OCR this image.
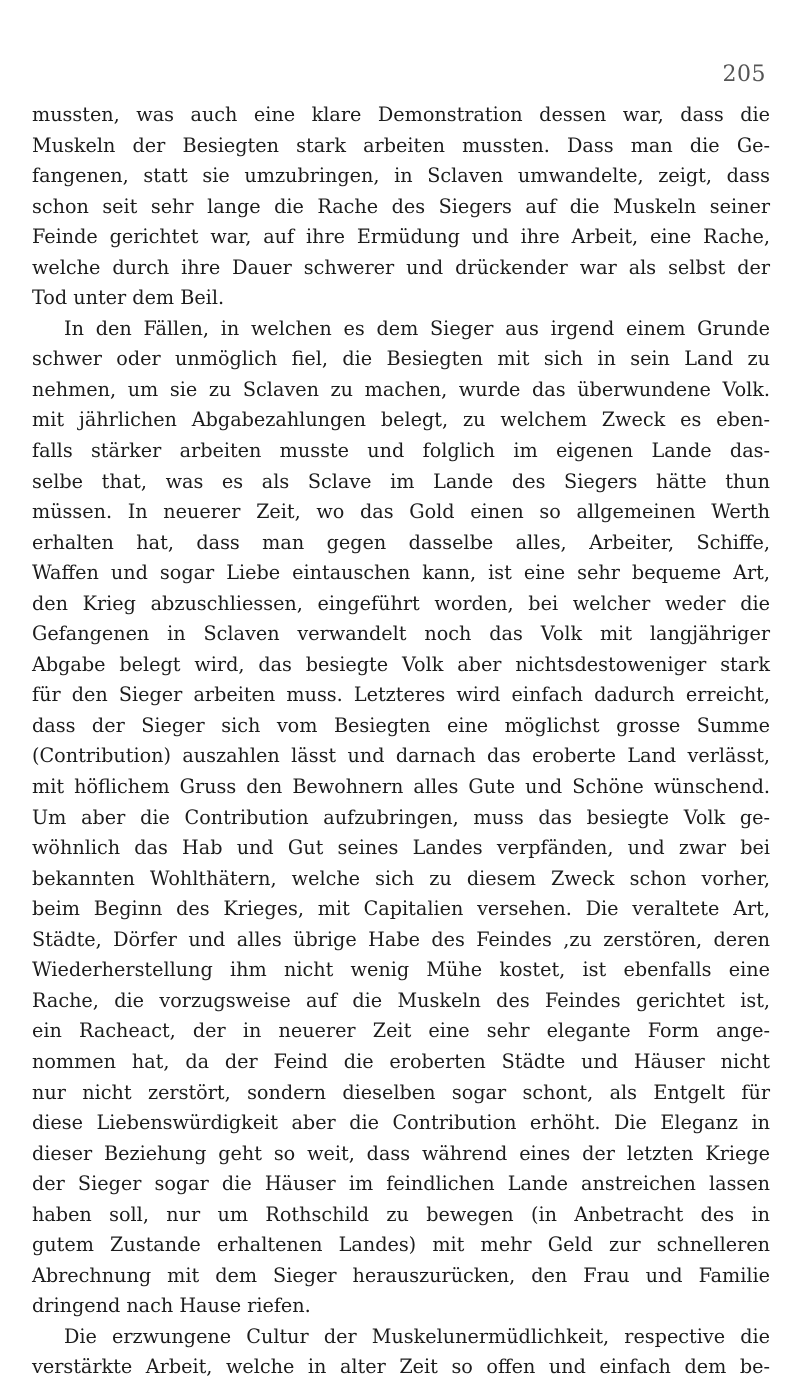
205
mussten, was auch eine klare Demonstration dessen war, dass die
Muskeln der Besiegten stark arbeiten mussten. Dass man die Ge-
fangenen, statt sie umzubringen, in Sclaven umwandelte, zeigt, dass
schon seit sehr lange die Rache des Siegers auf die Muskeln seiner
Feinde gerichtet war, auf ihre Ermüdung und ihre Arbeit, eine Rache,
welche durch ihre Dauer schwerer und drückender war als selbst der
Tod unter dem Beil.
In den Fällen, in welchen es dem Sieger aus irgend einem Grunde
schwer oder unmöglich fiel, die Besiegten mit sich in sein Land zu
nehmen, um sie zu Sclaven zu machen, wurde das überwundene Volk.
mit jährlichen Abgabezahlungen belegt, zu welchem Zweck es eben-
falls stärker arbeiten musste und folglich im eigenen Lande das-
selbe that, was es als Sclave im Lande des Siegers hätte thun
müssen. In neuerer Zeit, wo das Gold einen so allgemeinen Werth
erhalten hat, dass man gegen dasselbe alles, Arbeiter, Schiffe,
Waffen und sogar Liebe eintauschen kann, ist eine sehr bequeme Art,
den Krieg abzuschliessen, eingeführt worden, bei welcher weder die
Gefangenen in Sclaven verwandelt noch das Volk mit langjähriger
Abgabe belegt wird, das besiegte Volk aber nichtsdestoweniger stark
für den Sieger arbeiten muss. Letzteres wird einfach dadurch erreicht,
dass der Sieger sich vom Besiegten eine möglichst grosse Summe
(Contribution) auszahlen lässt und darnach das eroberte Land verlässt,
mit höflichem Gruss den Bewohnern alles Gute und Schöne wünschend.
Um aber die Contribution aufzubringen, muss das besiegte Volk ge-
wöhnlich das Hab und Gut seines Landes verpfänden, und zwar bei
bekannten Wohlthätern, welche sich zu diesem Zweck schon vorher,
beim Beginn des Krieges, mit Capitalien versehen. Die veraltete Art,
Städte, Dörfer und alles übrige Habe des Feindes ,zu zerstören, deren
Wiederherstellung ihm nicht wenig Mühe kostet, ist ebenfalls eine
Rache, die vorzugsweise auf die Muskeln des Feindes gerichtet ist,
ein Racheact, der in neuerer Zeit eine sehr elegante Form ange-
nommen hat, da der Feind die eroberten Städte und Häuser nicht
nur nicht zerstört, sondern dieselben sogar schont, als Entgelt für
diese Liebenswürdigkeit aber die Contribution erhöht. Die Eleganz in
dieser Beziehung geht so weit, dass während eines der letzten Kriege
der Sieger sogar die Häuser im feindlichen Lande anstreichen lassen
haben soll, nur um Rothschild zu bewegen (in Anbetracht des in
gutem Zustande erhaltenen Landes) mit mehr Geld zur schnelleren
Abrechnung mit dem Sieger herauszurücken, den Frau und Familie
dringend nach Hause riefen.
Die erzwungene Cultur der Muskelunermüdlichkeit, respective die
verstärkte Arbeit, welche in alter Zeit so offen und einfach dem be-
